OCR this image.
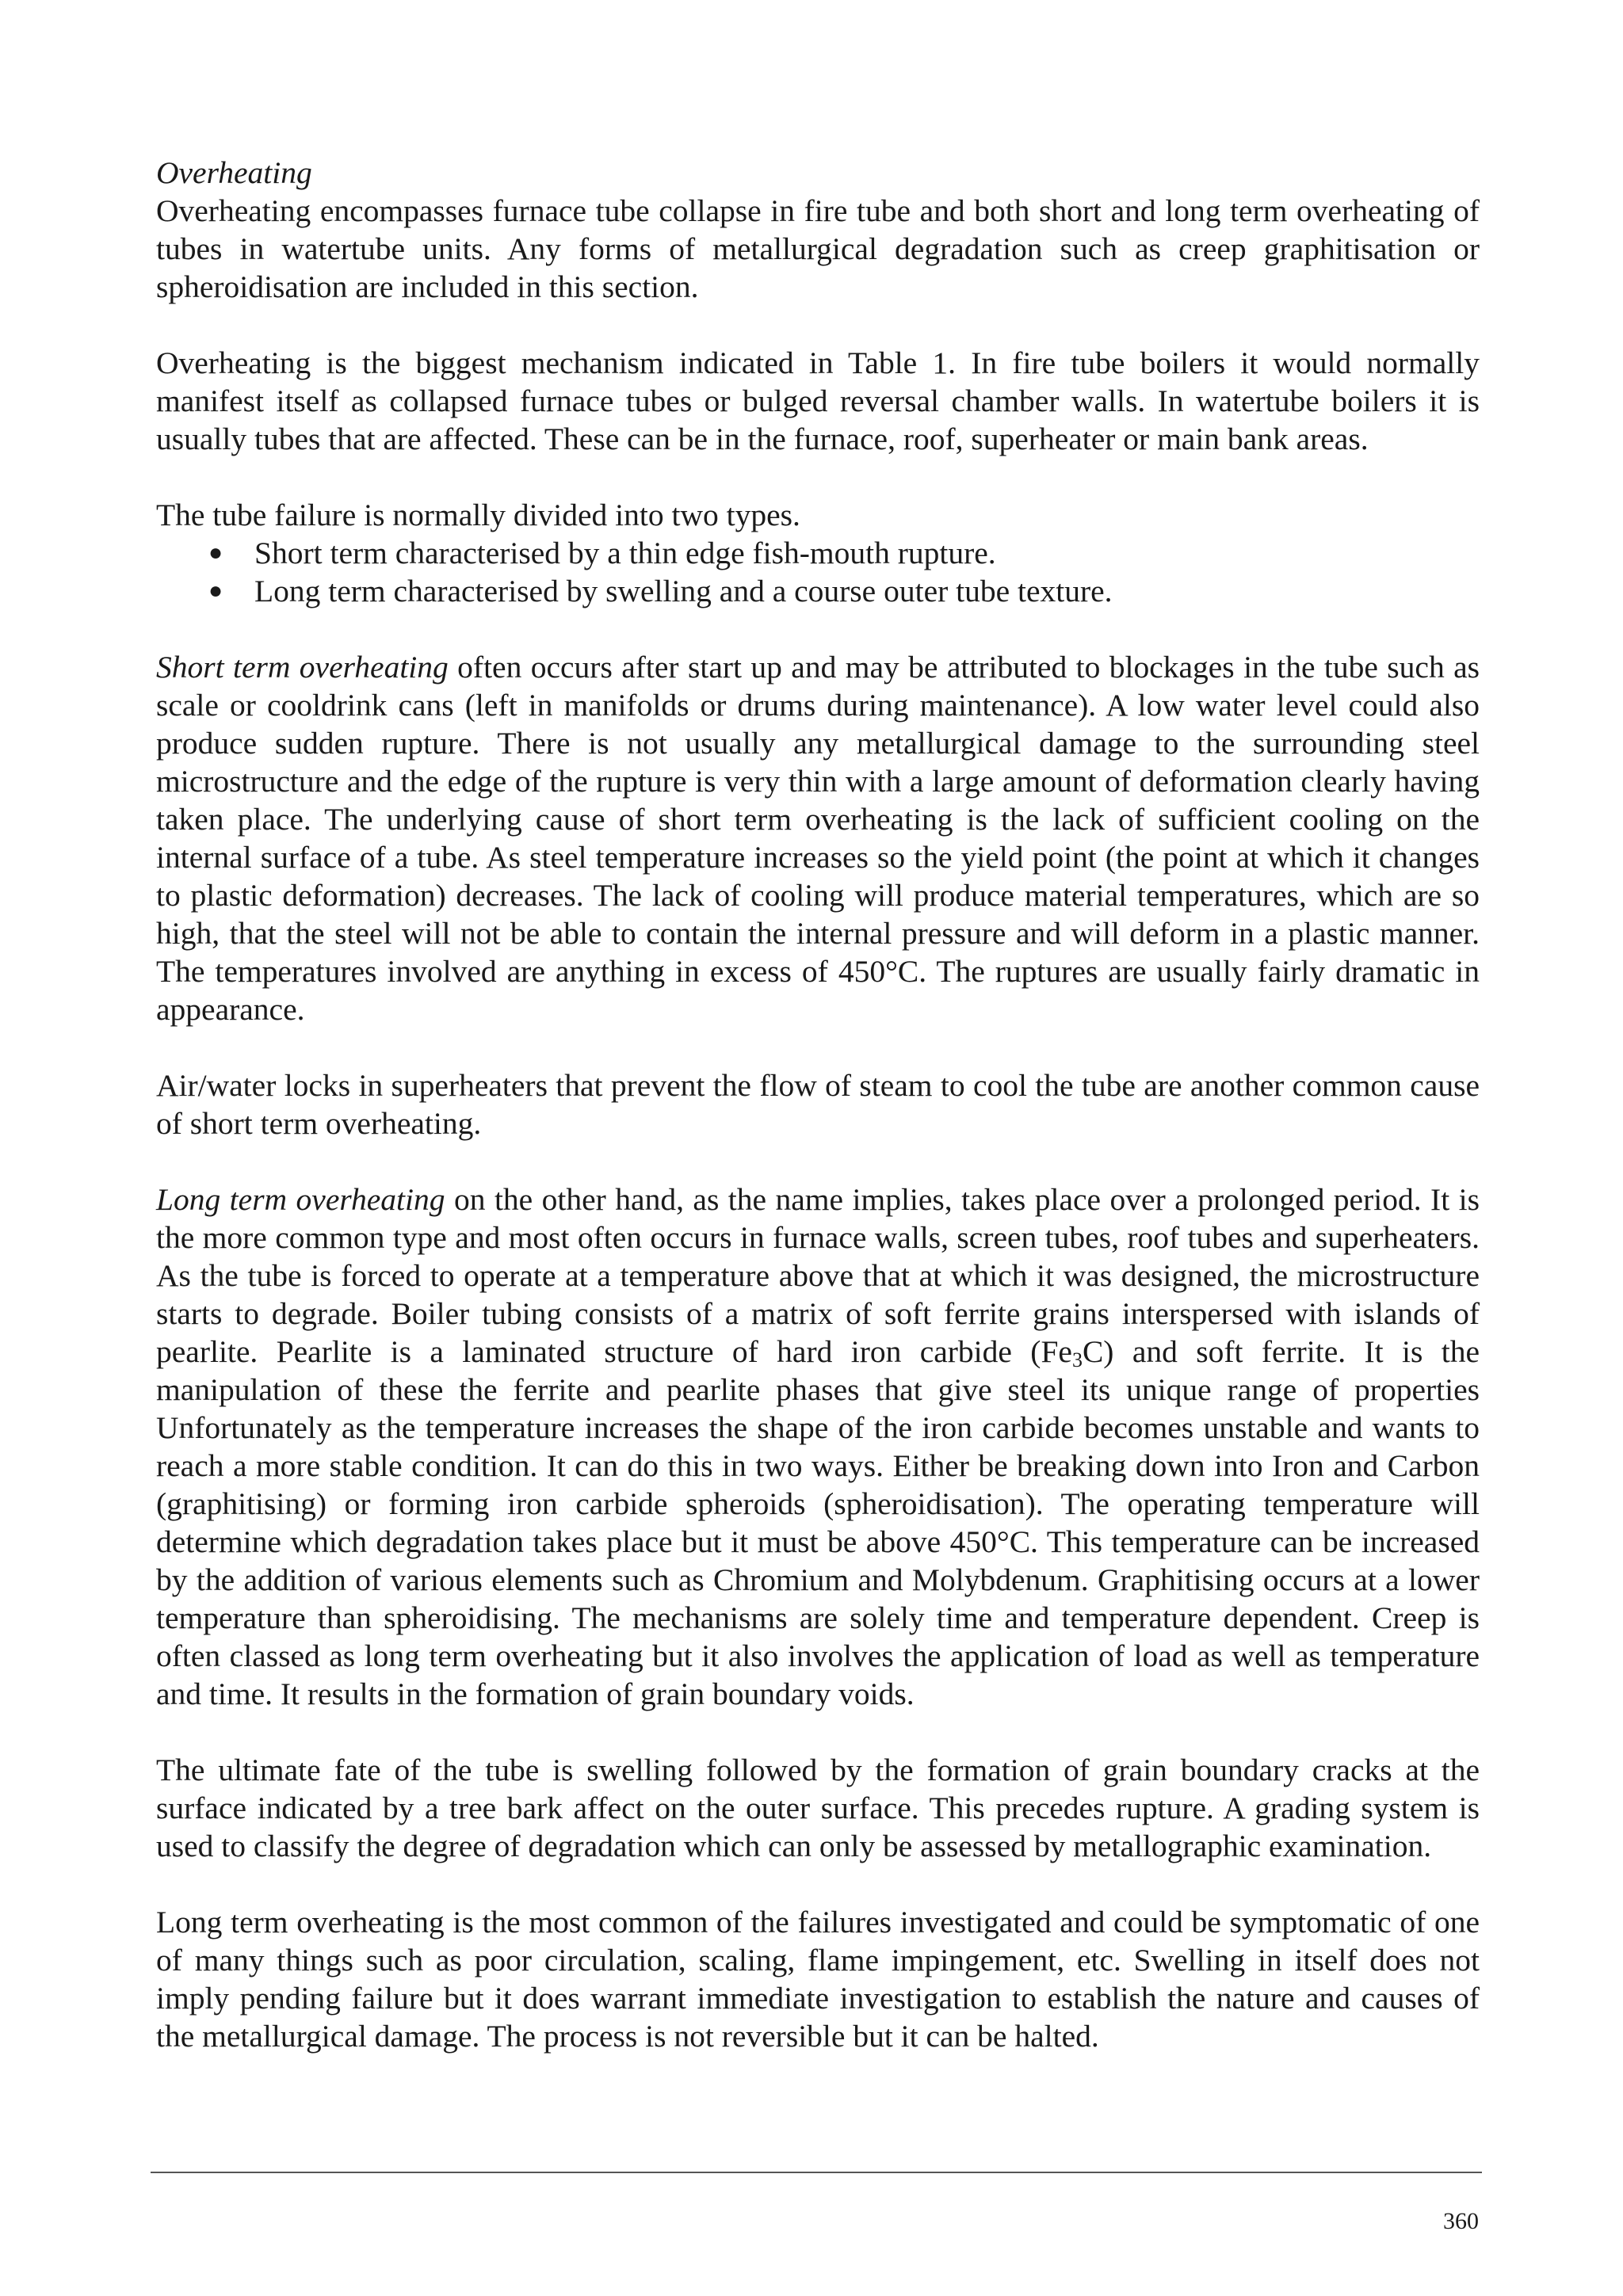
Overheating

Overheating encompasses furnace tube collapse in fire tube and both short and long term overheating of tubes in watertube units. Any forms of metallurgical degradation such as creep graphitisation or spheroidisation are included in this section.

Overheating is the biggest mechanism indicated in Table 1. In fire tube boilers it would normally manifest itself as collapsed furnace tubes or bulged reversal chamber walls. In watertube boilers it is usually tubes that are affected. These can be in the furnace, roof, superheater or main bank areas.

The tube failure is normally divided into two types.

● Short term characterised by a thin edge fish-mouth rupture.
● Long term characterised by swelling and a course outer tube texture.

Short term overheating often occurs after start up and may be attributed to blockages in the tube such as scale or cooldrink cans (left in manifolds or drums during maintenance). A low water level could also produce sudden rupture. There is not usually any metallurgical damage to the surrounding steel microstructure and the edge of the rupture is very thin with a large amount of deformation clearly having taken place. The underlying cause of short term overheating is the lack of sufficient cooling on the internal surface of a tube. As steel temperature increases so the yield point (the point at which it changes to plastic deformation) decreases. The lack of cooling will produce material temperatures, which are so high, that the steel will not be able to contain the internal pressure and will deform in a plastic manner. The temperatures involved are anything in excess of 450°C. The ruptures are usually fairly dramatic in appearance.

Air/water locks in superheaters that prevent the flow of steam to cool the tube are another common cause of short term overheating.

Long term overheating on the other hand, as the name implies, takes place over a prolonged period. It is the more common type and most often occurs in furnace walls, screen tubes, roof tubes and superheaters. As the tube is forced to operate at a temperature above that at which it was designed, the microstructure starts to degrade. Boiler tubing consists of a matrix of soft ferrite grains interspersed with islands of pearlite. Pearlite is a laminated structure of hard iron carbide $(Fe_3C)$ and soft ferrite. It is the manipulation of these the ferrite and pearlite phases that give steel its unique range of properties Unfortunately as the temperature increases the shape of the iron carbide becomes unstable and wants to reach a more stable condition. It can do this in two ways. Either be breaking down into Iron and Carbon (graphitising) or forming iron carbide spheroids (spheroidisation). The operating temperature will determine which degradation takes place but it must be above 450°C. This temperature can be increased by the addition of various elements such as Chromium and Molybdenum. Graphitising occurs at a lower temperature than spheroidising. The mechanisms are solely time and temperature dependent. Creep is often classed as long term overheating but it also involves the application of load as well as temperature and time. It results in the formation of grain boundary voids.

The ultimate fate of the tube is swelling followed by the formation of grain boundary cracks at the surface indicated by a tree bark affect on the outer surface. This precedes rupture. A grading system is used to classify the degree of degradation which can only be assessed by metallographic examination.

Long term overheating is the most common of the failures investigated and could be symptomatic of one of many things such as poor circulation, scaling, flame impingement, etc. Swelling in itself does not imply pending failure but it does warrant immediate investigation to establish the nature and causes of the metallurgical damage. The process is not reversible but it can be halted.

360
